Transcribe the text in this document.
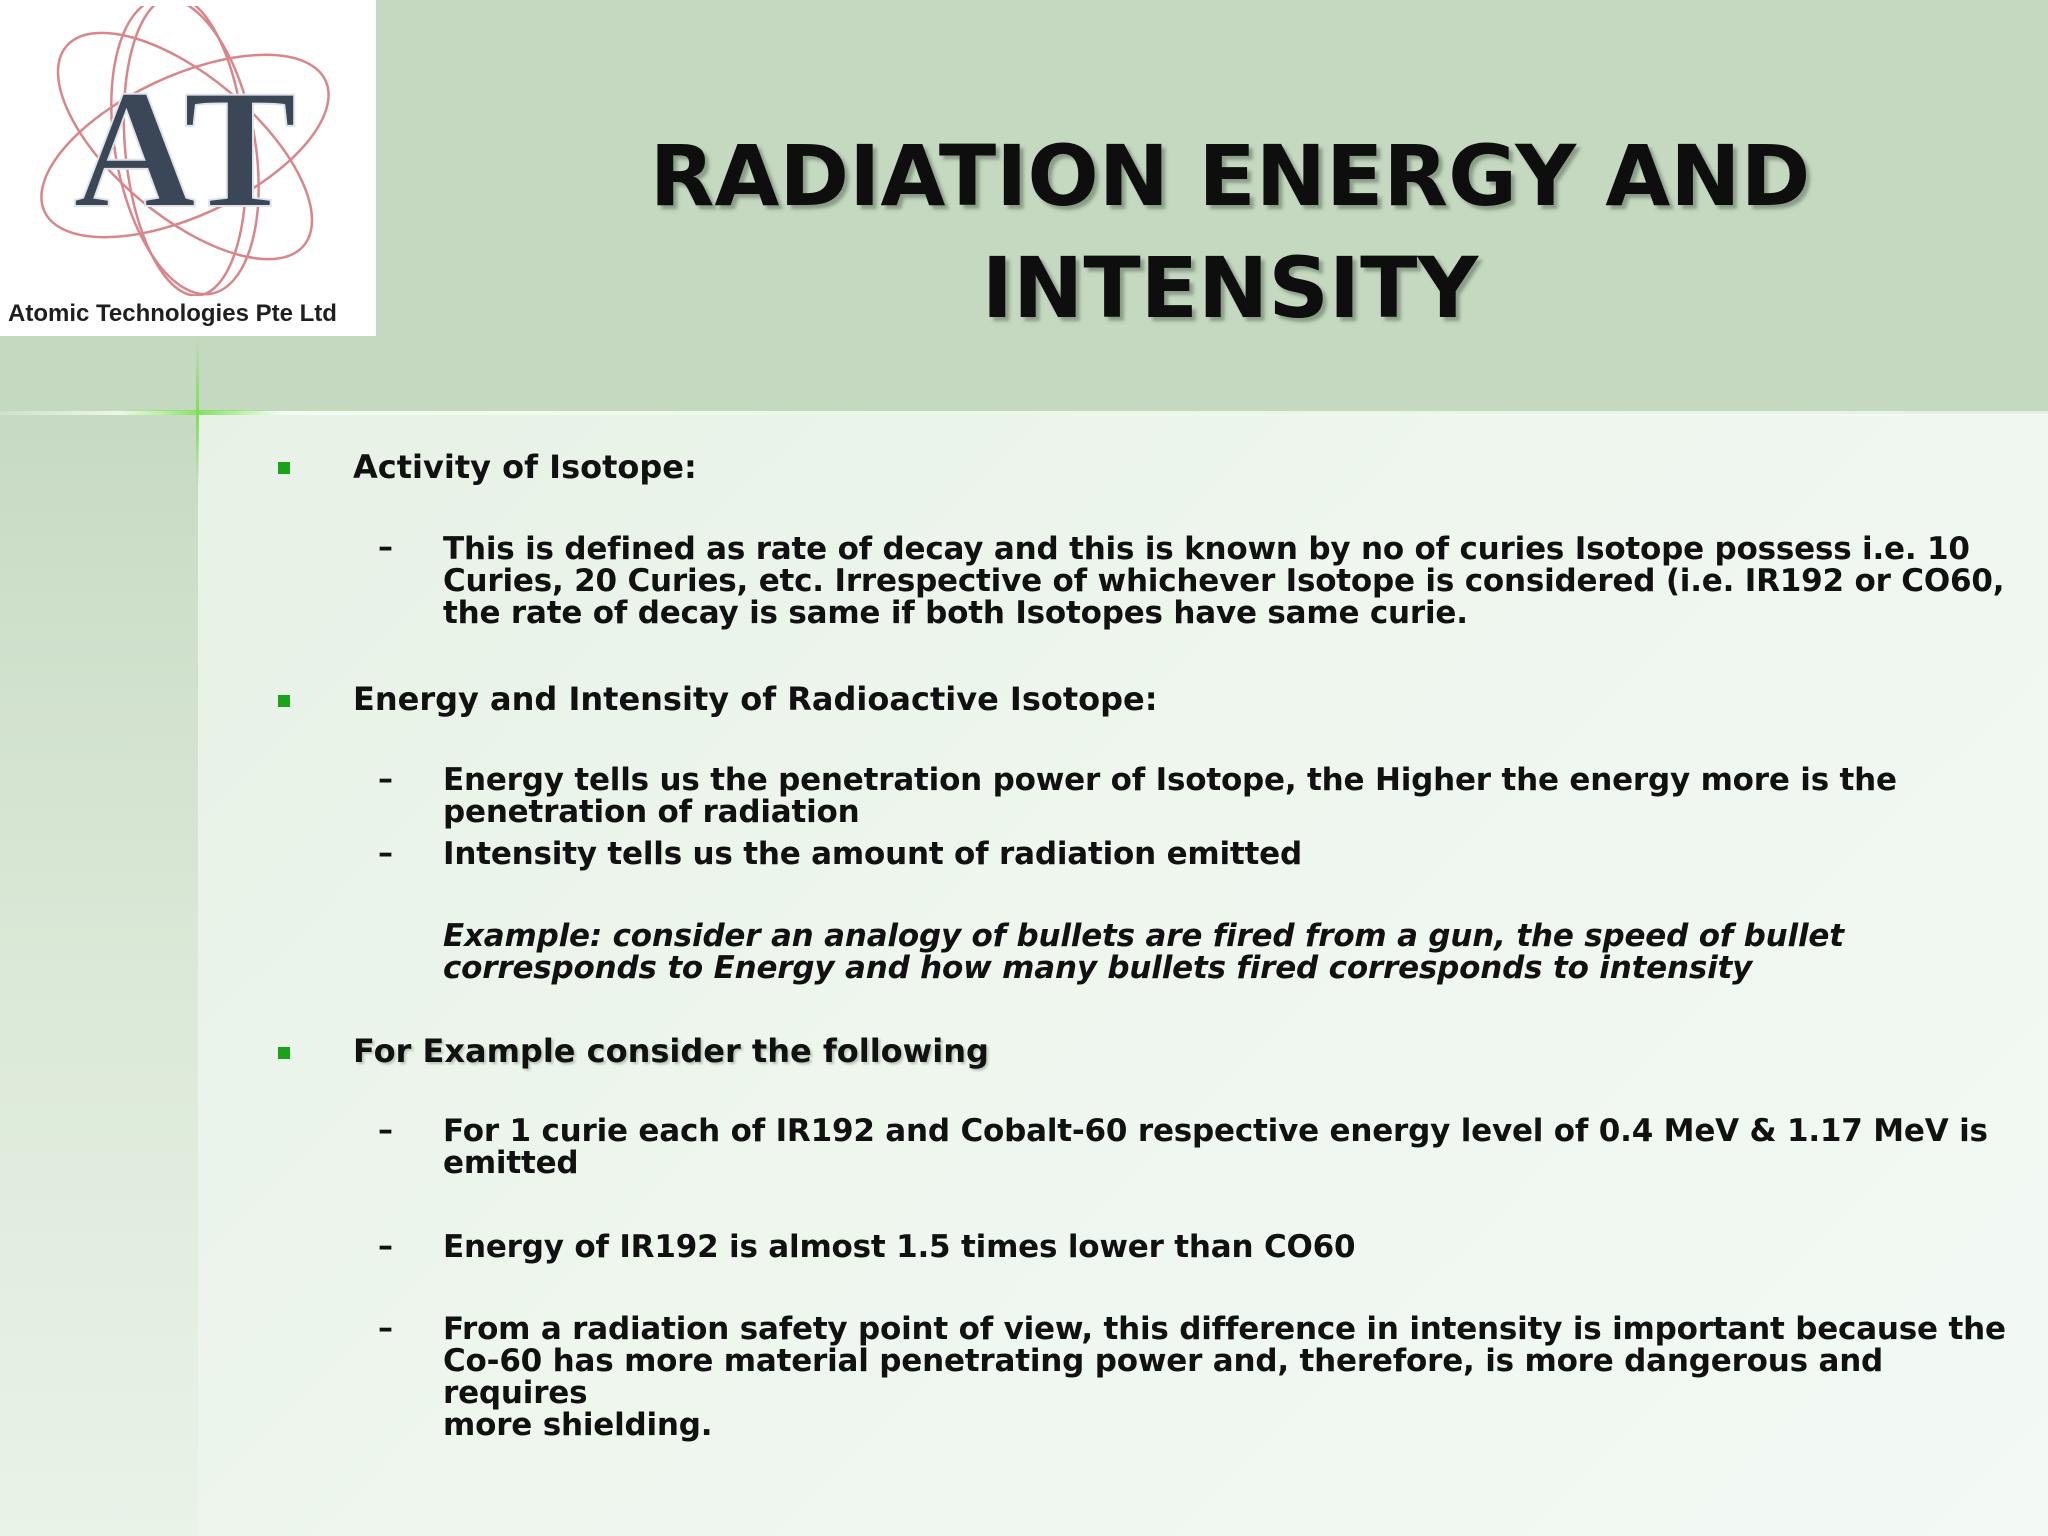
AT
Atomic Technologies Pte Ltd
RADIATION ENERGY AND
INTENSITY
Activity of Isotope:
– This is defined as rate of decay and this is known by no of curies Isotope possess i.e. 10
Curies, 20 Curies, etc. Irrespective of whichever Isotope is considered (i.e. IR192 or CO60,
the rate of decay is same if both Isotopes have same curie.
Energy and Intensity of Radioactive Isotope:
– Energy tells us the penetration power of Isotope, the Higher the energy more is the
penetration of radiation
– Intensity tells us the amount of radiation emitted
Example: consider an analogy of bullets are fired from a gun, the speed of bullet
corresponds to Energy and how many bullets fired corresponds to intensity
For Example consider the following
– For 1 curie each of IR192 and Cobalt-60 respective energy level of 0.4 MeV & 1.17 MeV is
emitted
– Energy of IR192 is almost 1.5 times lower than CO60
– From a radiation safety point of view, this difference in intensity is important because the
Co-60 has more material penetrating power and, therefore, is more dangerous and requires
more shielding.
